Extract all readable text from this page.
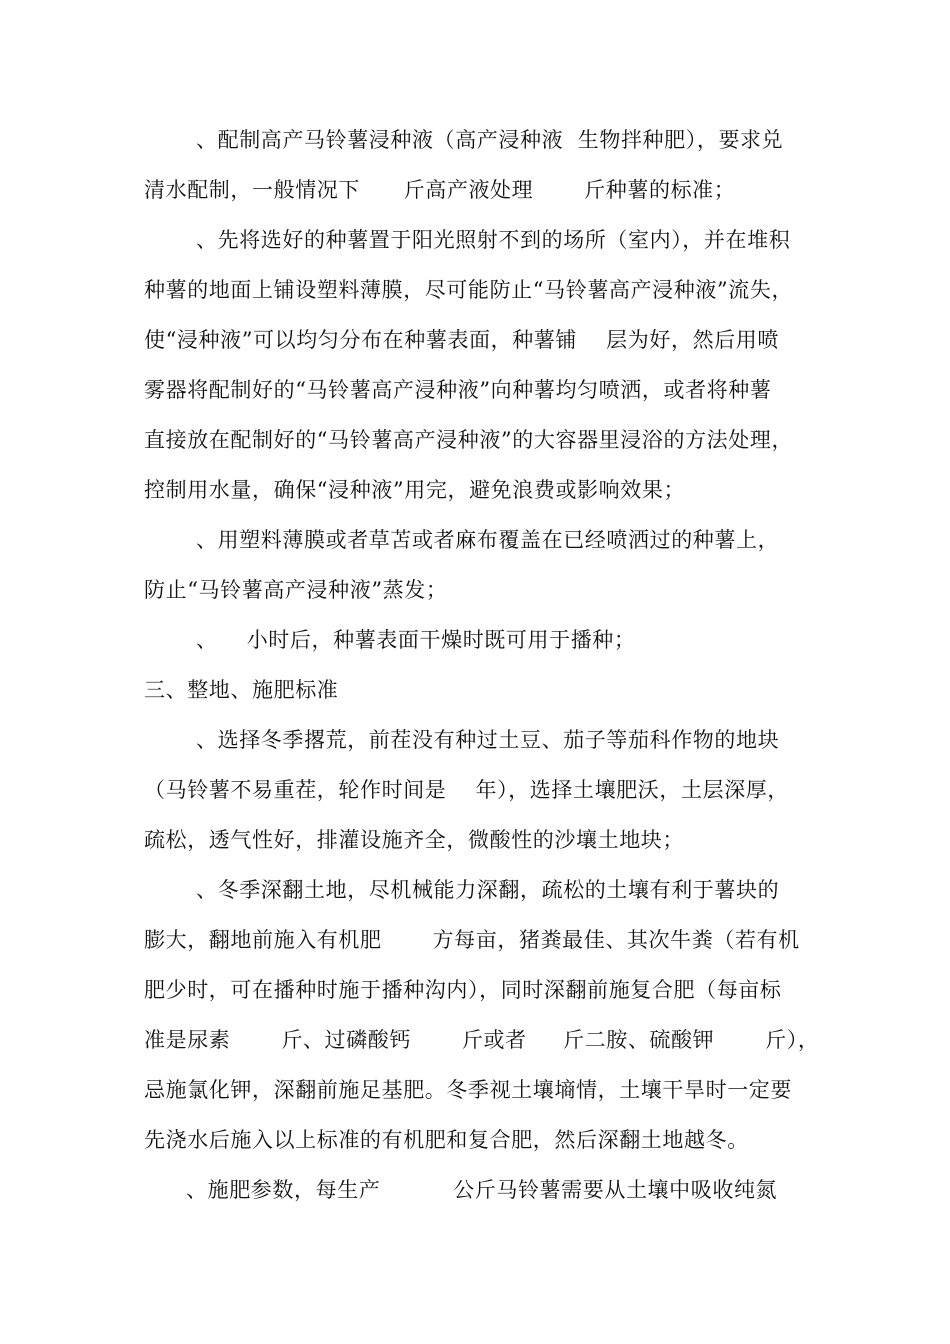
、配制高产马铃薯浸种液（高产浸种液  生物拌种肥），要求兑
清水配制，一般情况下      斤高产液处理       斤种薯的标准；
、先将选好的种薯置于阳光照射不到的场所（室内），并在堆积
种薯的地面上铺设塑料薄膜，尽可能防止“马铃薯高产浸种液”流失，
使“浸种液”可以均匀分布在种薯表面，种薯铺    层为好，然后用喷
雾器将配制好的“马铃薯高产浸种液”向种薯均匀喷洒，或者将种薯
直接放在配制好的“马铃薯高产浸种液”的大容器里浸浴的方法处理，
控制用水量，确保“浸种液”用完，避免浪费或影响效果；
、用塑料薄膜或者草苫或者麻布覆盖在已经喷洒过的种薯上，
防止“马铃薯高产浸种液”蒸发；
、    小时后，种薯表面干燥时既可用于播种；
三、整地、施肥标准
、选择冬季撂荒，前茬没有种过土豆、茄子等茄科作物的地块
（马铃薯不易重茬，轮作时间是    年），选择土壤肥沃，土层深厚，
疏松，透气性好，排灌设施齐全，微酸性的沙壤土地块；
、冬季深翻土地，尽机械能力深翻，疏松的土壤有利于薯块的
膨大，翻地前施入有机肥       方每亩，猪粪最佳、其次牛粪（若有机
肥少时，可在播种时施于播种沟内），同时深翻前施复合肥（每亩标
准是尿素       斤、过磷酸钙       斤或者     斤二胺、硫酸钾       斤），
忌施氯化钾，深翻前施足基肥。冬季视土壤墒情，土壤干旱时一定要
先浇水后施入以上标准的有机肥和复合肥，然后深翻土地越冬。
、施肥参数，每生产          公斤马铃薯需要从土壤中吸收纯氮
